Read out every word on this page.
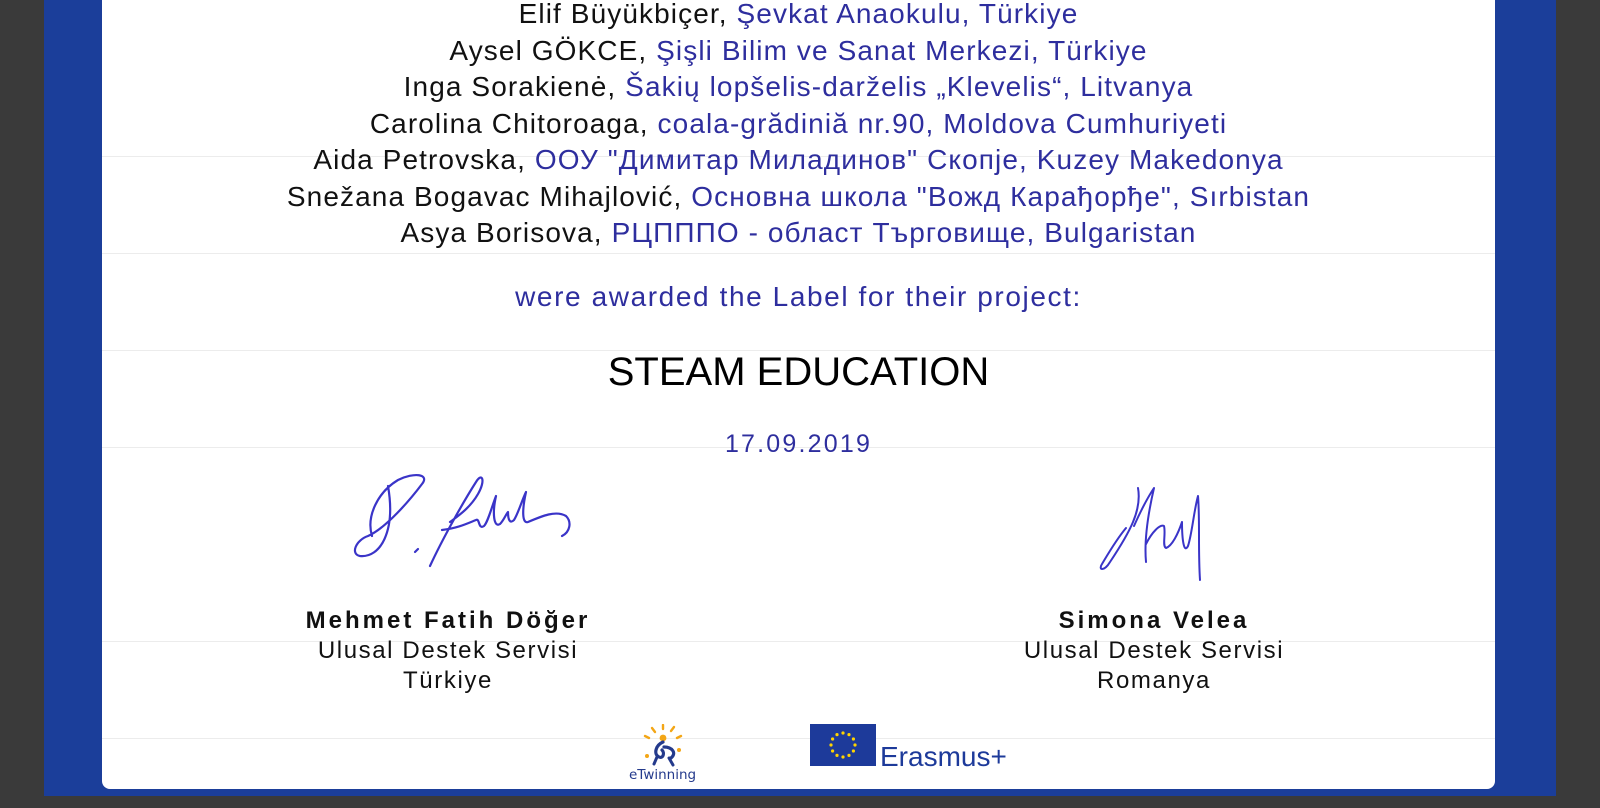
Elif Büyükbiçer, Şevkat Anaokulu, Türkiye
Aysel GÖKCE, Şişli Bilim ve Sanat Merkezi, Türkiye
Inga Sorakienė, Šakių lopšelis-darželis „Klevelis“, Litvanya
Carolina Chitoroaga, coala-grădiniă nr.90, Moldova Cumhuriyeti
Aida Petrovska, ООУ "Димитар Миладинов" Скопје, Kuzey Makedonya
Snežana Bogavac Mihajlović, Основна школа "Вожд Карађорђе", Sırbistan
Asya Borisova, РЦПППО - област Търговище, Bulgaristan
were awarded the Label for their project:
STEAM EDUCATION
17.09.2019
Mehmet Fatih Döğer
Ulusal Destek Servisi
Türkiye
Simona Velea
Ulusal Destek Servisi
Romanya
eTwinning
Erasmus+
